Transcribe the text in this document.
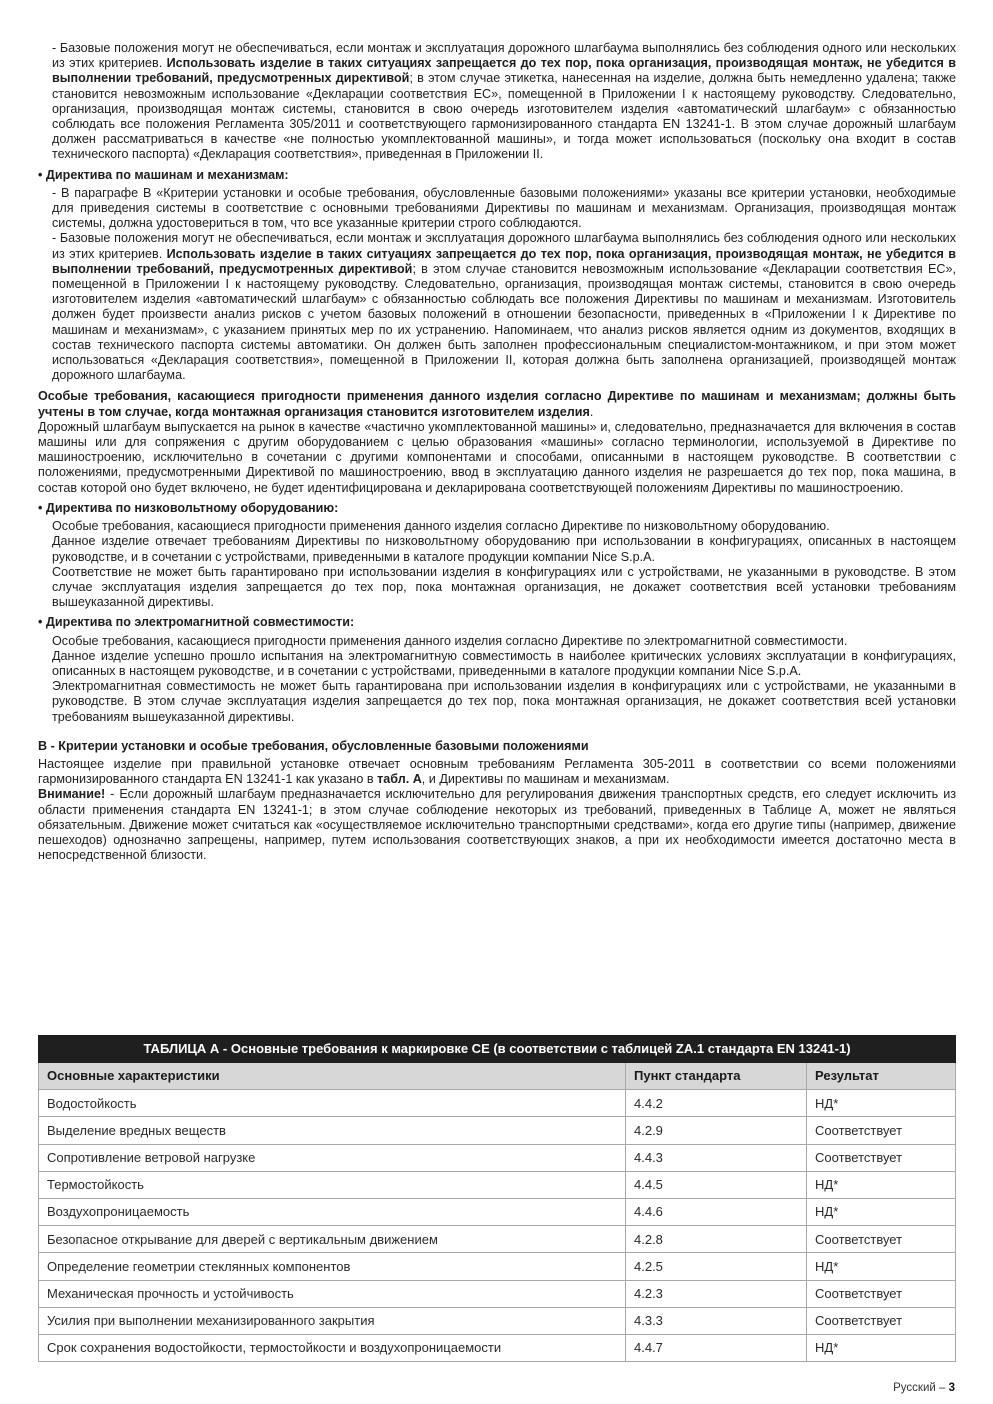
- Базовые положения могут не обеспечиваться, если монтаж и эксплуатация дорожного шлагбаума выполнялись без соблюдения одного или нескольких из этих критериев. Использовать изделие в таких ситуациях запрещается до тех пор, пока организация, производящая монтаж, не убедится в выполнении требований, предусмотренных директивой; в этом случае этикетка, нанесенная на изделие, должна быть немедленно удалена; также становится невозможным использование «Декларации соответствия ЕС», помещенной в Приложении I к настоящему руководству. Следовательно, организация, производящая монтаж системы, становится в свою очередь изготовителем изделия «автоматический шлагбаум» с обязанностью соблюдать все положения Регламента 305/2011 и соответствующего гармонизированного стандарта EN 13241-1. В этом случае дорожный шлагбаум должен рассматриваться в качестве «не полностью укомплектованной машины», и тогда может использоваться (поскольку она входит в состав технического паспорта) «Декларация соответствия», приведенная в Приложении II.

• Директива по машинам и механизмам:

- В параграфе В «Критерии установки и особые требования, обусловленные базовыми положениями» указаны все критерии установки, необходимые для приведения системы в соответствие с основными требованиями Директивы по машинам и механизмам. Организация, производящая монтаж системы, должна удостовериться в том, что все указанные критерии строго соблюдаются.

- Базовые положения могут не обеспечиваться, если монтаж и эксплуатация дорожного шлагбаума выполнялись без соблюдения одного или нескольких из этих критериев. Использовать изделие в таких ситуациях запрещается до тех пор, пока организация, производящая монтаж, не убедится в выполнении требований, предусмотренных директивой; в этом случае становится невозможным использование «Декларации соответствия ЕС», помещенной в Приложении I к настоящему руководству. Следовательно, организация, производящая монтаж системы, становится в свою очередь изготовителем изделия «автоматический шлагбаум» с обязанностью соблюдать все положения Директивы по машинам и механизмам. Изготовитель должен будет произвести анализ рисков с учетом базовых положений в отношении безопасности, приведенных в «Приложении I к Директиве по машинам и механизмам», с указанием принятых мер по их устранению. Напоминаем, что анализ рисков является одним из документов, входящих в состав технического паспорта системы автоматики. Он должен быть заполнен профессиональным специалистом-монтажником, и при этом может использоваться «Декларация соответствия», помещенной в Приложении II, которая должна быть заполнена организацией, производящей монтаж дорожного шлагбаума.

Особые требования, касающиеся пригодности применения данного изделия согласно Директиве по машинам и механизмам; должны быть учтены в том случае, когда монтажная организация становится изготовителем изделия.

Дорожный шлагбаум выпускается на рынок в качестве «частично укомплектованной машины» и, следовательно, предназначается для включения в состав машины или для сопряжения с другим оборудованием с целью образования «машины» согласно терминологии, используемой в Директиве по машиностроению, исключительно в сочетании с другими компонентами и способами, описанными в настоящем руководстве. В соответствии с положениями, предусмотренными Директивой по машиностроению, ввод в эксплуатацию данного изделия не разрешается до тех пор, пока машина, в состав которой оно будет включено, не будет идентифицирована и декларирована соответствующей положениям Директивы по машиностроению.

• Директива по низковольтному оборудованию:

Особые требования, касающиеся пригодности применения данного изделия согласно Директиве по низковольтному оборудованию.

Данное изделие отвечает требованиям Директивы по низковольтному оборудованию при использовании в конфигурациях, описанных в настоящем руководстве, и в сочетании с устройствами, приведенными в каталоге продукции компании Nice S.p.A.

Соответствие не может быть гарантировано при использовании изделия в конфигурациях или с устройствами, не указанными в руководстве. В этом случае эксплуатация изделия запрещается до тех пор, пока монтажная организация, не докажет соответствия всей установки требованиям вышеуказанной директивы.

• Директива по электромагнитной совместимости:

Особые требования, касающиеся пригодности применения данного изделия согласно Директиве по электромагнитной совместимости.

Данное изделие успешно прошло испытания на электромагнитную совместимость в наиболее критических условиях эксплуатации в конфигурациях, описанных в настоящем руководстве, и в сочетании с устройствами, приведенными в каталоге продукции компании Nice S.p.A.

Электромагнитная совместимость не может быть гарантирована при использовании изделия в конфигурациях или с устройствами, не указанными в руководстве. В этом случае эксплуатация изделия запрещается до тех пор, пока монтажная организация, не докажет соответствия всей установки требованиям вышеуказанной директивы.

B - Критерии установки и особые требования, обусловленные базовыми положениями

Настоящее изделие при правильной установке отвечает основным требованиям Регламента 305-2011 в соответствии со всеми положениями гармонизированного стандарта EN 13241-1 как указано в табл. А, и Директивы по машинам и механизмам.

Внимание! - Если дорожный шлагбаум предназначается исключительно для регулирования движения транспортных средств, его следует исключить из области применения стандарта EN 13241-1; в этом случае соблюдение некоторых из требований, приведенных в Таблице А, может не являться обязательным. Движение может считаться как «осуществляемое исключительно транспортными средствами», когда его другие типы (например, движение пешеходов) однозначно запрещены, например, путем использования соответствующих знаков, а при их необходимости имеется достаточно места в непосредственной близости.

ТАБЛИЦА А - Основные требования к маркировке CE (в соответствии с таблицей ZA.1 стандарта EN 13241-1)		
Основные характеристики	Пункт стандарта	Результат
Водостойкость	4.4.2	НД*
Выделение вредных веществ	4.2.9	Соответствует
Сопротивление ветровой нагрузке	4.4.3	Соответствует
Термостойкость	4.4.5	НД*
Воздухопроницаемость	4.4.6	НД*
Безопасное открывание для дверей с вертикальным движением	4.2.8	Соответствует
Определение геометрии стеклянных компонентов	4.2.5	НД*
Механическая прочность и устойчивость	4.2.3	Соответствует
Усилия при выполнении механизированного закрытия	4.3.3	Соответствует
Срок сохранения водостойкости, термостойкости и воздухопроницаемости	4.4.7	НД*
Русский – 3
